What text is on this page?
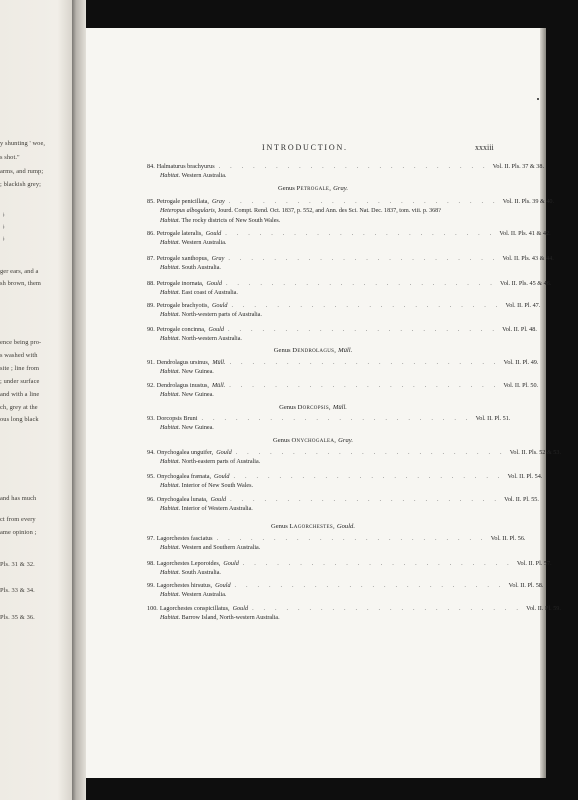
y shunting ' woe,
s shot."
arms, and rump;
; blackish grey;
ǂ
ǂ
ǂ
ger ears, and a
sh brown, them
ence being pro-
s washed with
site ; line from
; under surface
and with a line
ch, grey at the
ous long black
and has much
ct from every
ame opinion ;
Pls. 31 & 32.
Pls. 33 & 34.
Pls. 35 & 36.
INTRODUCTION.	xxxiii
84. Halmaturus brachyurus . . . . . . . . . . . . . . . . . . . . . . . . Vol. II. Pls. 37 & 38.
Habitat. Western Australia.
Genus Petrogale, Gray.
85. Petrogale penicillata, Gray . . . . . . . . . . . . . . . . . . . . . . . . Vol. II. Pls. 39 & 40.
Heteropus albogularis, Jourd. Compt. Rend. Oct. 1837, p. 552, and Ann. des Sci. Nat. Dec. 1837, tom. viii. p. 368?
Habitat. The rocky districts of New South Wales.
86. Petrogale lateralis, Gould . . . . . . . . . . . . . . . . . . . . . . . . Vol. II. Pls. 41 & 42.
Habitat. Western Australia.
87. Petrogale xanthopus, Gray . . . . . . . . . . . . . . . . . . . . . . . . Vol. II. Pls. 43 & 44.
Habitat. South Australia.
88. Petrogale inornata, Gould . . . . . . . . . . . . . . . . . . . . . . . . Vol. II. Pls. 45 & 46.
Habitat. East coast of Australia.
89. Petrogale brachyotis, Gould . . . . . . . . . . . . . . . . . . . . . . . . Vol. II. Pl. 47.
Habitat. North-western parts of Australia.
90. Petrogale concinna, Gould . . . . . . . . . . . . . . . . . . . . . . . . Vol. II. Pl. 48.
Habitat. North-western Australia.
Genus Dendrolagus, Müll.
91. Dendrolagus ursinus, Müll. . . . . . . . . . . . . . . . . . . . . . . . . Vol. II. Pl. 49.
Habitat. New Guinea.
92. Dendrolagus inustus, Müll. . . . . . . . . . . . . . . . . . . . . . . . . Vol. II. Pl. 50.
Habitat. New Guinea.
Genus Dorcopsis, Müll.
93. Dorcopsis Bruni . . . . . . . . . . . . . . . . . . . . . . . . Vol. II. Pl. 51.
Habitat. New Guinea.
Genus Onychogalea, Gray.
94. Onychogalea unguifer, Gould . . . . . . . . . . . . . . . . . . . . . . . . Vol. II. Pls. 52 & 53.
Habitat. North-eastern parts of Australia.
95. Onychogalea frænata, Gould . . . . . . . . . . . . . . . . . . . . . . . . Vol. II. Pl. 54.
Habitat. Interior of New South Wales.
96. Onychogalea lunata, Gould . . . . . . . . . . . . . . . . . . . . . . . . Vol. II. Pl. 55.
Habitat. Interior of Western Australia.
Genus Lagorchestes, Gould.
97. Lagorchestes fasciatus . . . . . . . . . . . . . . . . . . . . . . . . Vol. II. Pl. 56.
Habitat. Western and Southern Australia.
98. Lagorchestes Leporoides, Gould . . . . . . . . . . . . . . . . . . . . . . . . Vol. II. Pl. 57.
Habitat. South Australia.
99. Lagorchestes hirsutus, Gould . . . . . . . . . . . . . . . . . . . . . . . . Vol. II. Pl. 58.
Habitat. Western Australia.
100. Lagorchestes conspicillatus, Gould . . . . . . . . . . . . . . . . . . . . . . . . Vol. II. Pl. 59.
Habitat. Barrow Island, North-western Australia.
